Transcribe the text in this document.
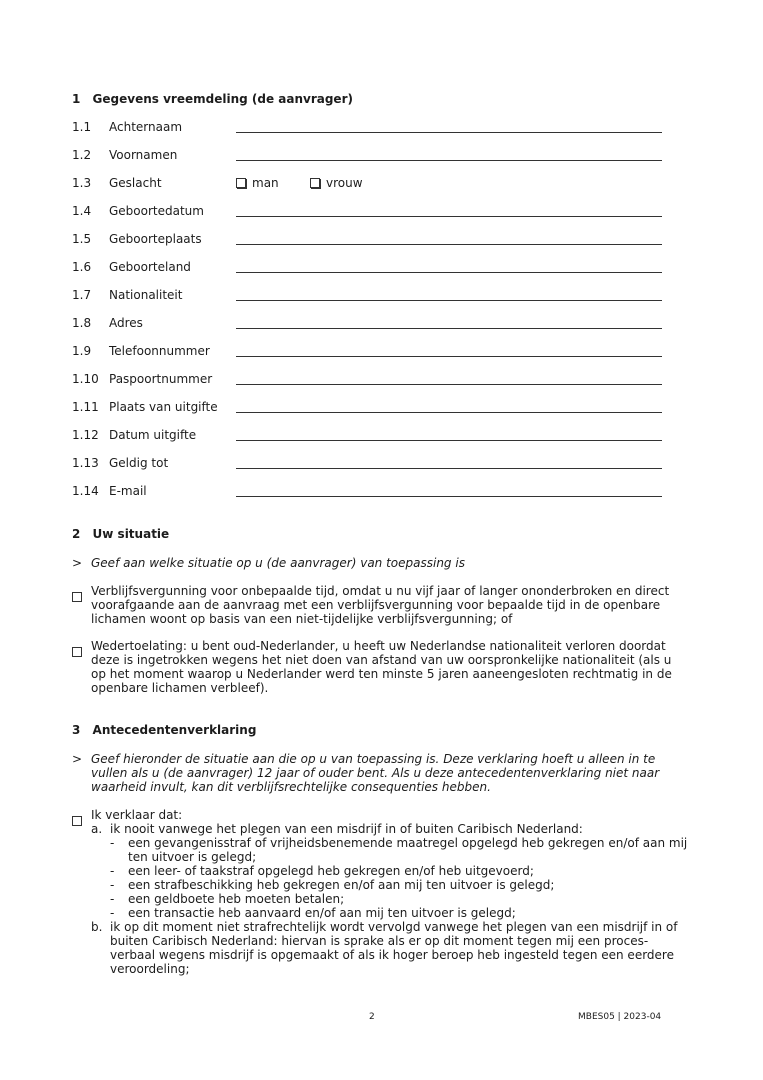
1 Gegevens vreemdeling (de aanvrager)
1.1 Achternaam
1.2 Voornamen
1.3 Geslacht	man	vrouw
1.4 Geboortedatum
1.5 Geboorteplaats
1.6 Geboorteland
1.7 Nationaliteit
1.8 Adres
1.9 Telefoonnummer
1.10 Paspoortnummer
1.11 Plaats van uitgifte
1.12 Datum uitgifte
1.13 Geldig tot
1.14 E-mail
2 Uw situatie
> Geef aan welke situatie op u (de aanvrager) van toepassing is
Verblijfsvergunning voor onbepaalde tijd, omdat u nu vijf jaar of langer ononderbroken en direct
voorafgaande aan de aanvraag met een verblijfsvergunning voor bepaalde tijd in de openbare
lichamen woont op basis van een niet-tijdelijke verblijfsvergunning; of
Wedertoelating: u bent oud-Nederlander, u heeft uw Nederlandse nationaliteit verloren doordat
deze is ingetrokken wegens het niet doen van afstand van uw oorspronkelijke nationaliteit (als u
op het moment waarop u Nederlander werd ten minste 5 jaren aaneengesloten rechtmatig in de
openbare lichamen verbleef).
3 Antecedentenverklaring
> Geef hieronder de situatie aan die op u van toepassing is. Deze verklaring hoeft u alleen in te
vullen als u (de aanvrager) 12 jaar of ouder bent. Als u deze antecedentenverklaring niet naar
waarheid invult, kan dit verblijfsrechtelijke consequenties hebben.
Ik verklaar dat:
a. ik nooit vanwege het plegen van een misdrijf in of buiten Caribisch Nederland:
- een gevangenisstraf of vrijheidsbenemende maatregel opgelegd heb gekregen en/of aan mij
ten uitvoer is gelegd;
- een leer- of taakstraf opgelegd heb gekregen en/of heb uitgevoerd;
- een strafbeschikking heb gekregen en/of aan mij ten uitvoer is gelegd;
- een geldboete heb moeten betalen;
- een transactie heb aanvaard en/of aan mij ten uitvoer is gelegd;
b. ik op dit moment niet strafrechtelijk wordt vervolgd vanwege het plegen van een misdrijf in of
buiten Caribisch Nederland: hiervan is sprake als er op dit moment tegen mij een proces-
verbaal wegens misdrijf is opgemaakt of als ik hoger beroep heb ingesteld tegen een eerdere
veroordeling;
2	MBES05 | 2023-04
